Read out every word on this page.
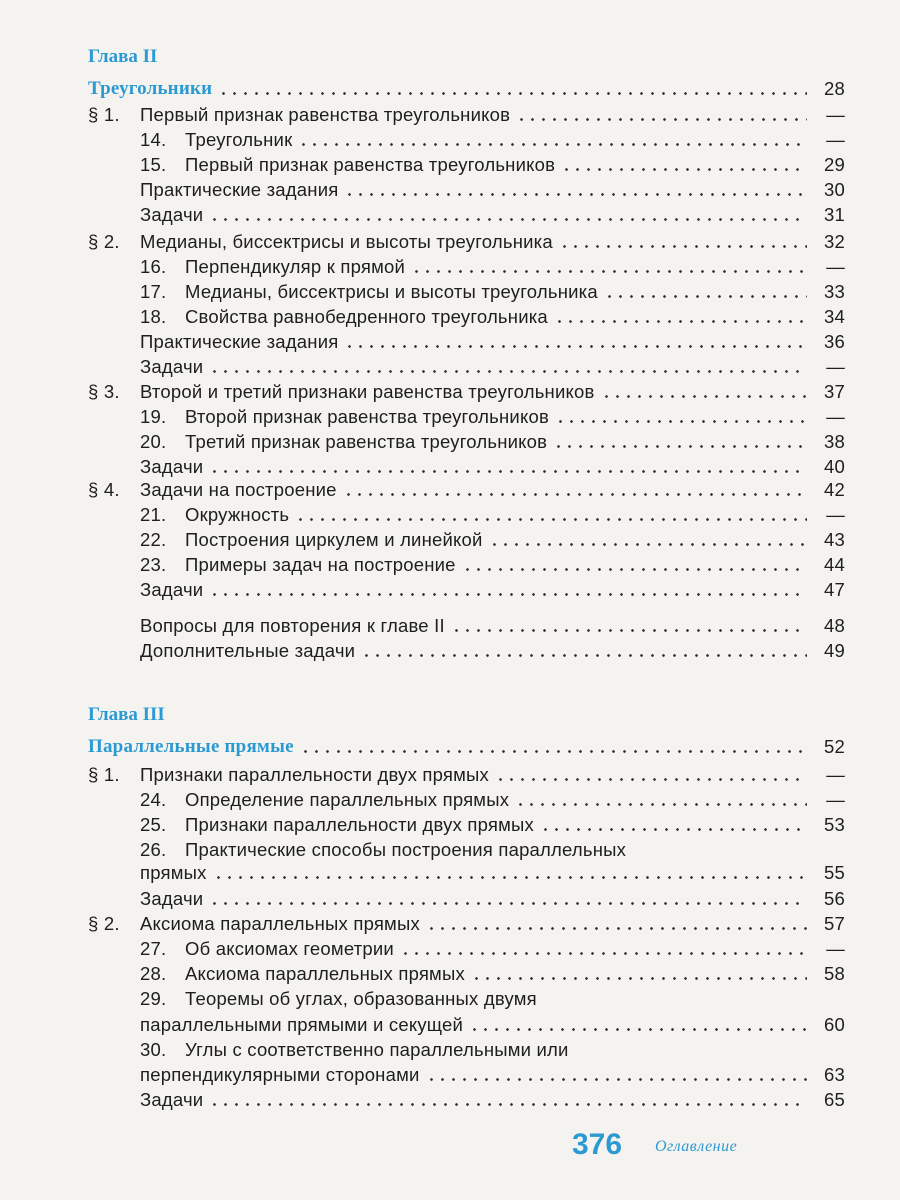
Глава II
Треугольники	28
§ 1.	Первый признак равенства треугольников	—
14.	Треугольник	—
15.	Первый признак равенства треугольников	29
Практические задания	30
Задачи	31
§ 2.	Медианы, биссектрисы и высоты треугольника	32
16.	Перпендикуляр к прямой	—
17.	Медианы, биссектрисы и высоты треугольника	33
18.	Свойства равнобедренного треугольника	34
Практические задания	36
Задачи	—
§ 3.	Второй и третий признаки равенства треугольников	37
19.	Второй признак равенства треугольников	—
20.	Третий признак равенства треугольников	38
Задачи	40
§ 4.	Задачи на построение	42
21.	Окружность	—
22.	Построения циркулем и линейкой	43
23.	Примеры задач на построение	44
Задачи	47
Вопросы для повторения к главе II	48
Дополнительные задачи	49
Глава III
Параллельные прямые	52
§ 1.	Признаки параллельности двух прямых	—
24.	Определение параллельных прямых	—
25.	Признаки параллельности двух прямых	53
26.	Практические способы построения параллельных
прямых	55
Задачи	56
§ 2.	Аксиома параллельных прямых	57
27.	Об аксиомах геометрии	—
28.	Аксиома параллельных прямых	58
29.	Теоремы об углах, образованных двумя
параллельными прямыми и секущей	60
30.	Углы с соответственно параллельными или
перпендикулярными сторонами	63
Задачи	65
376 Оглавление
